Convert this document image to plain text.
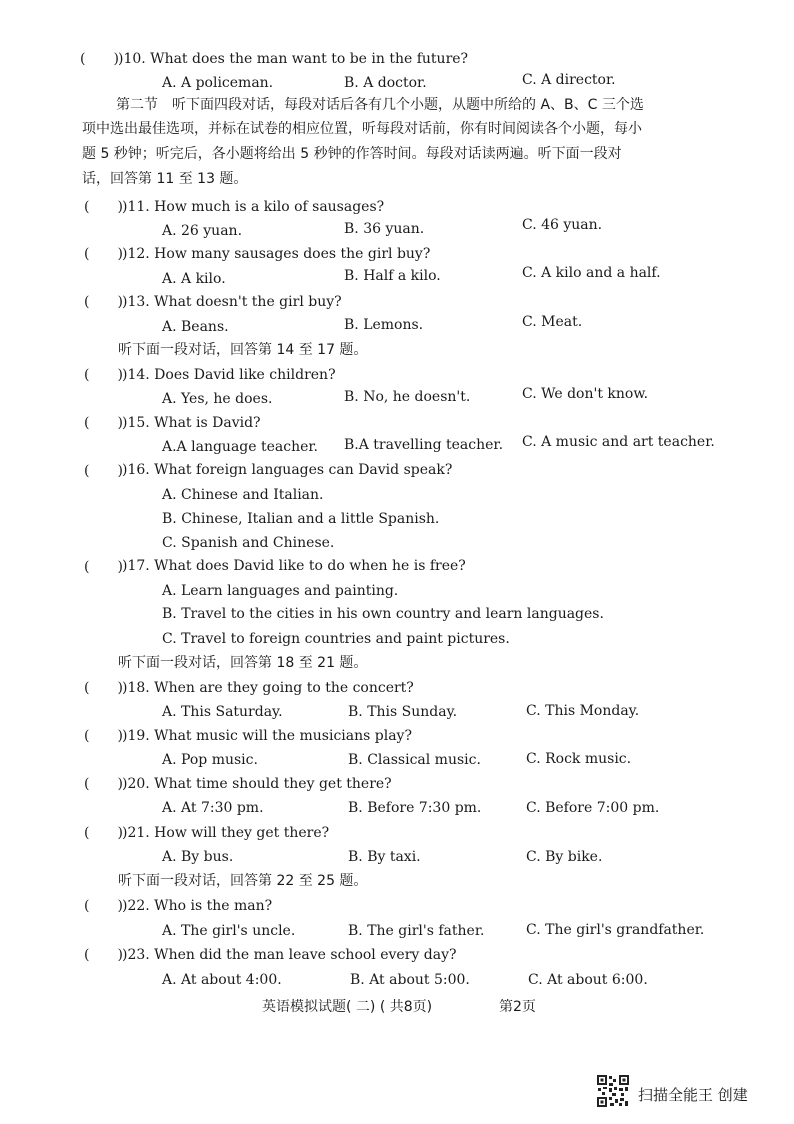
(　　) )10. What does the man want to be in the future?
A. A policeman.	B. A doctor.	C. A director.
第二节　听下面四段对话，每段对话后各有几个小题，从题中所给的 A、B、C 三个选
项中选出最佳选项，并标在试卷的相应位置，听每段对话前，你有时间阅读各个小题，每小
题 5 秒钟；听完后，各小题将给出 5 秒钟的作答时间。每段对话读两遍。听下面一段对
话，回答第 11 至 13 题。
(　　) )11. How much is a kilo of sausages?
A. 26 yuan.	B. 36 yuan.	C. 46 yuan.
(　　) )12. How many sausages does the girl buy?
A. A kilo.	B. Half a kilo.	C. A kilo and a half.
(　　) )13. What doesn't the girl buy?
A. Beans.	B. Lemons.	C. Meat.
听下面一段对话，回答第 14 至 17 题。
(　　) )14. Does David like children?
A. Yes, he does.	B. No, he doesn't.	C. We don't know.
(　　) )15. What is David?
A.A language teacher. B.A travelling teacher. C. A music and art teacher.
(　　) )16. What foreign languages can David speak?
A. Chinese and Italian.
B. Chinese, Italian and a little Spanish.
C. Spanish and Chinese.
(　　) )17. What does David like to do when he is free?
A. Learn languages and painting.
B. Travel to the cities in his own country and learn languages.
C. Travel to foreign countries and paint pictures.
听下面一段对话，回答第 18 至 21 题。
(　　) )18. When are they going to the concert?
A. This Saturday.	B. This Sunday.	C. This Monday.
(　　) )19. What music will the musicians play?
A. Pop music.	B. Classical music.	C. Rock music.
(　　) )20. What time should they get there?
A. At 7:30 pm.	B. Before 7:30 pm.	C. Before 7:00 pm.
(　　) )21. How will they get there?
A. By bus.	B. By taxi.	C. By bike.
听下面一段对话，回答第 22 至 25 题。
(　　) )22. Who is the man?
A. The girl's uncle.	B. The girl's father.	C. The girl's grandfather.
(　　) )23. When did the man leave school every day?
A. At about 4:00.	B. At about 5:00.	C. At about 6:00.
英语模拟试题( 二) ( 共8页)	第2页
扫描全能王 创建
